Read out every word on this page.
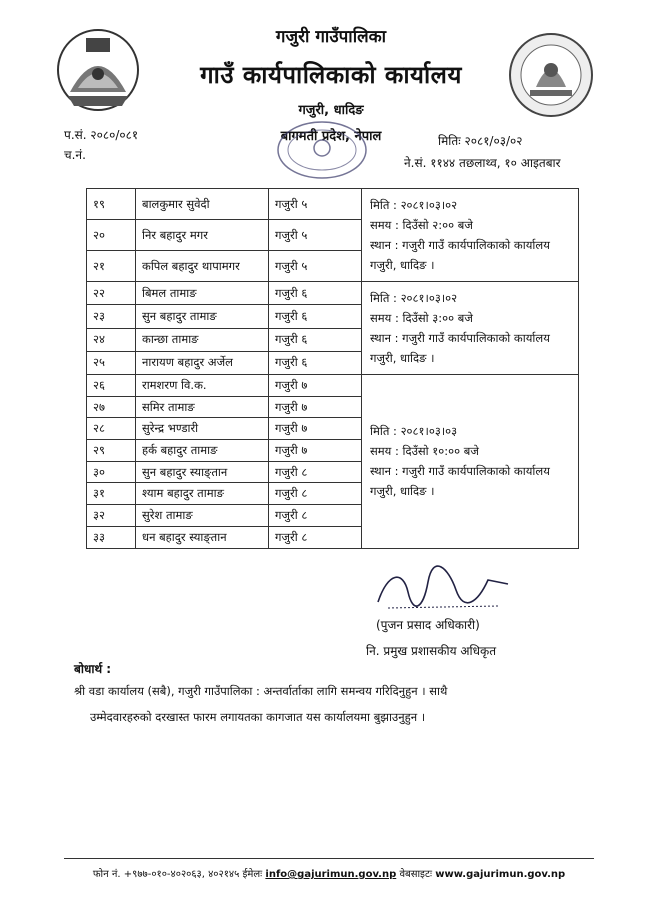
गजुरी गाउँपालिका
गाउँ कार्यपालिकाको कार्यालय
गजुरी, धादिङ
बागमती प्रदेश, नेपाल
प.सं. २०८०/०८१
च.नं.
मितिः २०८१/०३/०२
ने.सं. ११४४ तछलाथ्व, १० आइतबार
१९	बालकुमार सुवेदी	गजुरी ५	मिति : २०८१।०३।०२
समय : दिउँसो २:०० बजे
स्थान : गजुरी गाउँ कार्यपालिकाको कार्यालय गजुरी, धादिङ ।

२०	निर बहादुर मगर	गजुरी ५	
२१	कपिल बहादुर थापामगर	गजुरी ५	
२२	बिमल तामाङ	गजुरी ६	मिति : २०८१।०३।०२
समय : दिउँसो ३:०० बजे
स्थान : गजुरी गाउँ कार्यपालिकाको कार्यालय गजुरी, धादिङ ।

२३	सुन बहादुर तामाङ	गजुरी ६	
२४	कान्छा तामाङ	गजुरी ६	
२५	नारायण बहादुर अर्जेल	गजुरी ६	
२६	रामशरण वि.क.	गजुरी ७	मिति : २०८१।०३।०३
समय : दिउँसो १०:०० बजे
स्थान : गजुरी गाउँ कार्यपालिकाको कार्यालय गजुरी, धादिङ ।

२७	समिर तामाङ	गजुरी ७	
२८	सुरेन्द्र भण्डारी	गजुरी ७	
२९	हर्क बहादुर तामाङ	गजुरी ७	
३०	सुन बहादुर स्याङ्तान	गजुरी ८	
३१	श्याम बहादुर तामाङ	गजुरी ८	
३२	सुरेश तामाङ	गजुरी ८	
३३	धन बहादुर स्याङ्तान	गजुरी ८	
(पुजन प्रसाद अधिकारी)
नि. प्रमुख प्रशासकीय अधिकृत
बोधार्थ :
श्री वडा कार्यालय (सबै), गजुरी गाउँपालिका : अन्तर्वार्ताका लागि समन्वय गरिदिनुहुन । साथै
उम्मेदवारहरुको दरखास्त फारम लगायतका कागजात यस कार्यालयमा बुझाउनुहुन ।
फोन नं. +९७७-०१०-४०२०६३, ४०२१४५ ईमेलः info@gajurimun.gov.np वेबसाइटः www.gajurimun.gov.np
